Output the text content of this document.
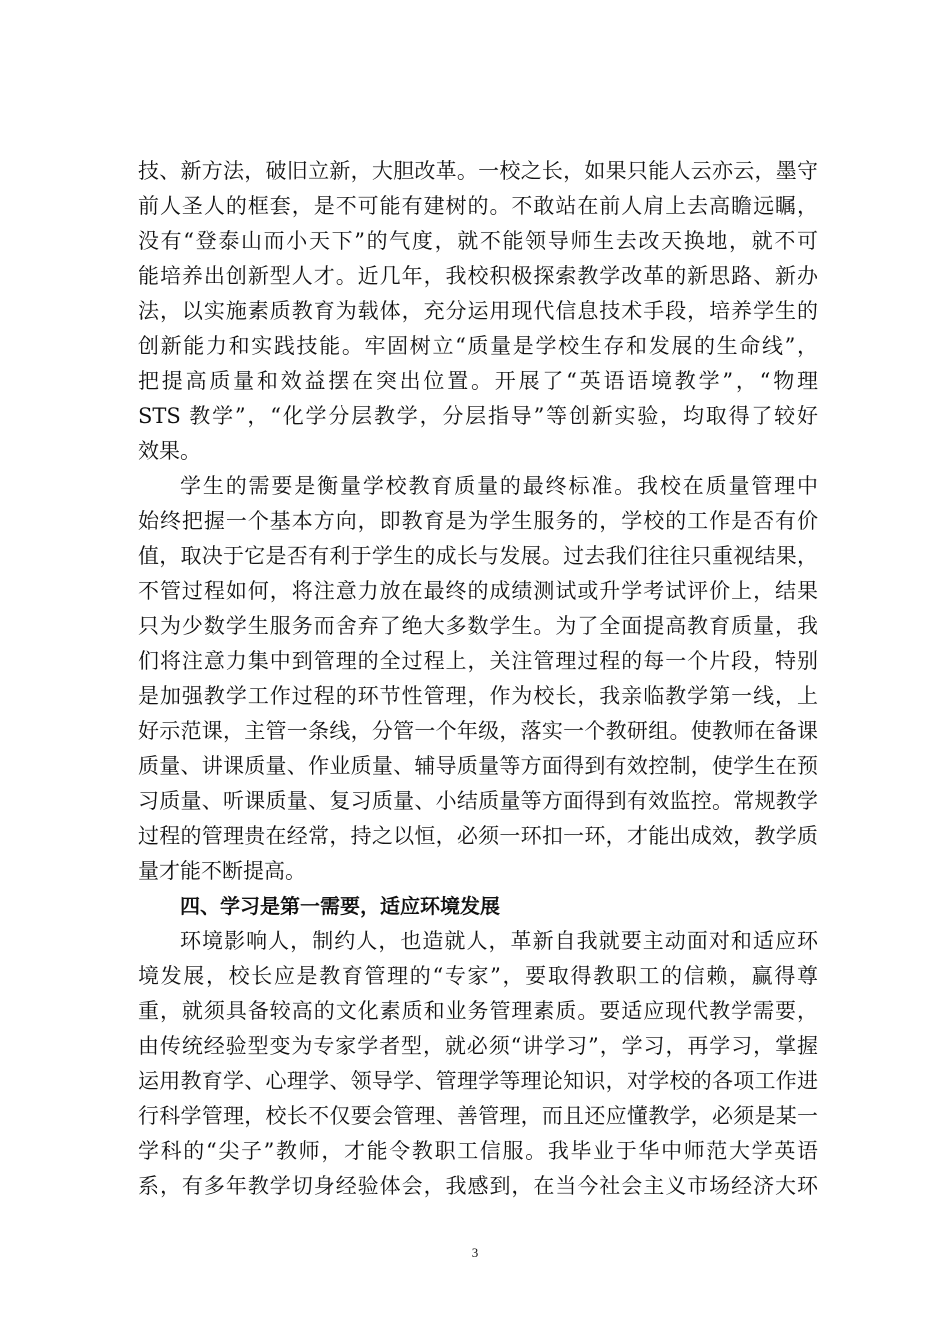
技、新方法，破旧立新，大胆改革。一校之长，如果只能人云亦云，墨守
前人圣人的框套，是不可能有建树的。不敢站在前人肩上去高瞻远瞩，
没有“登泰山而小天下”的气度，就不能领导师生去改天换地，就不可
能培养出创新型人才。近几年，我校积极探索教学改革的新思路、新办
法，以实施素质教育为载体，充分运用现代信息技术手段，培养学生的
创新能力和实践技能。牢固树立“质量是学校生存和发展的生命线”，
把提高质量和效益摆在突出位置。开展了“英语语境教学”，“物理
STS 教学”，“化学分层教学，分层指导”等创新实验，均取得了较好
效果。
学生的需要是衡量学校教育质量的最终标准。我校在质量管理中
始终把握一个基本方向，即教育是为学生服务的，学校的工作是否有价
值，取决于它是否有利于学生的成长与发展。过去我们往往只重视结果，
不管过程如何，将注意力放在最终的成绩测试或升学考试评价上，结果
只为少数学生服务而舍弃了绝大多数学生。为了全面提高教育质量，我
们将注意力集中到管理的全过程上，关注管理过程的每一个片段，特别
是加强教学工作过程的环节性管理，作为校长，我亲临教学第一线，上
好示范课，主管一条线，分管一个年级，落实一个教研组。使教师在备课
质量、讲课质量、作业质量、辅导质量等方面得到有效控制，使学生在预
习质量、听课质量、复习质量、小结质量等方面得到有效监控。常规教学
过程的管理贵在经常，持之以恒，必须一环扣一环，才能出成效，教学质
量才能不断提高。
四、学习是第一需要，适应环境发展
环境影响人，制约人，也造就人，革新自我就要主动面对和适应环
境发展，校长应是教育管理的“专家”，要取得教职工的信赖，赢得尊
重，就须具备较高的文化素质和业务管理素质。要适应现代教学需要，
由传统经验型变为专家学者型，就必须“讲学习”，学习，再学习，掌握
运用教育学、心理学、领导学、管理学等理论知识，对学校的各项工作进
行科学管理，校长不仅要会管理、善管理，而且还应懂教学，必须是某一
学科的“尖子”教师，才能令教职工信服。我毕业于华中师范大学英语
系，有多年教学切身经验体会，我感到，在当今社会主义市场经济大环
3
